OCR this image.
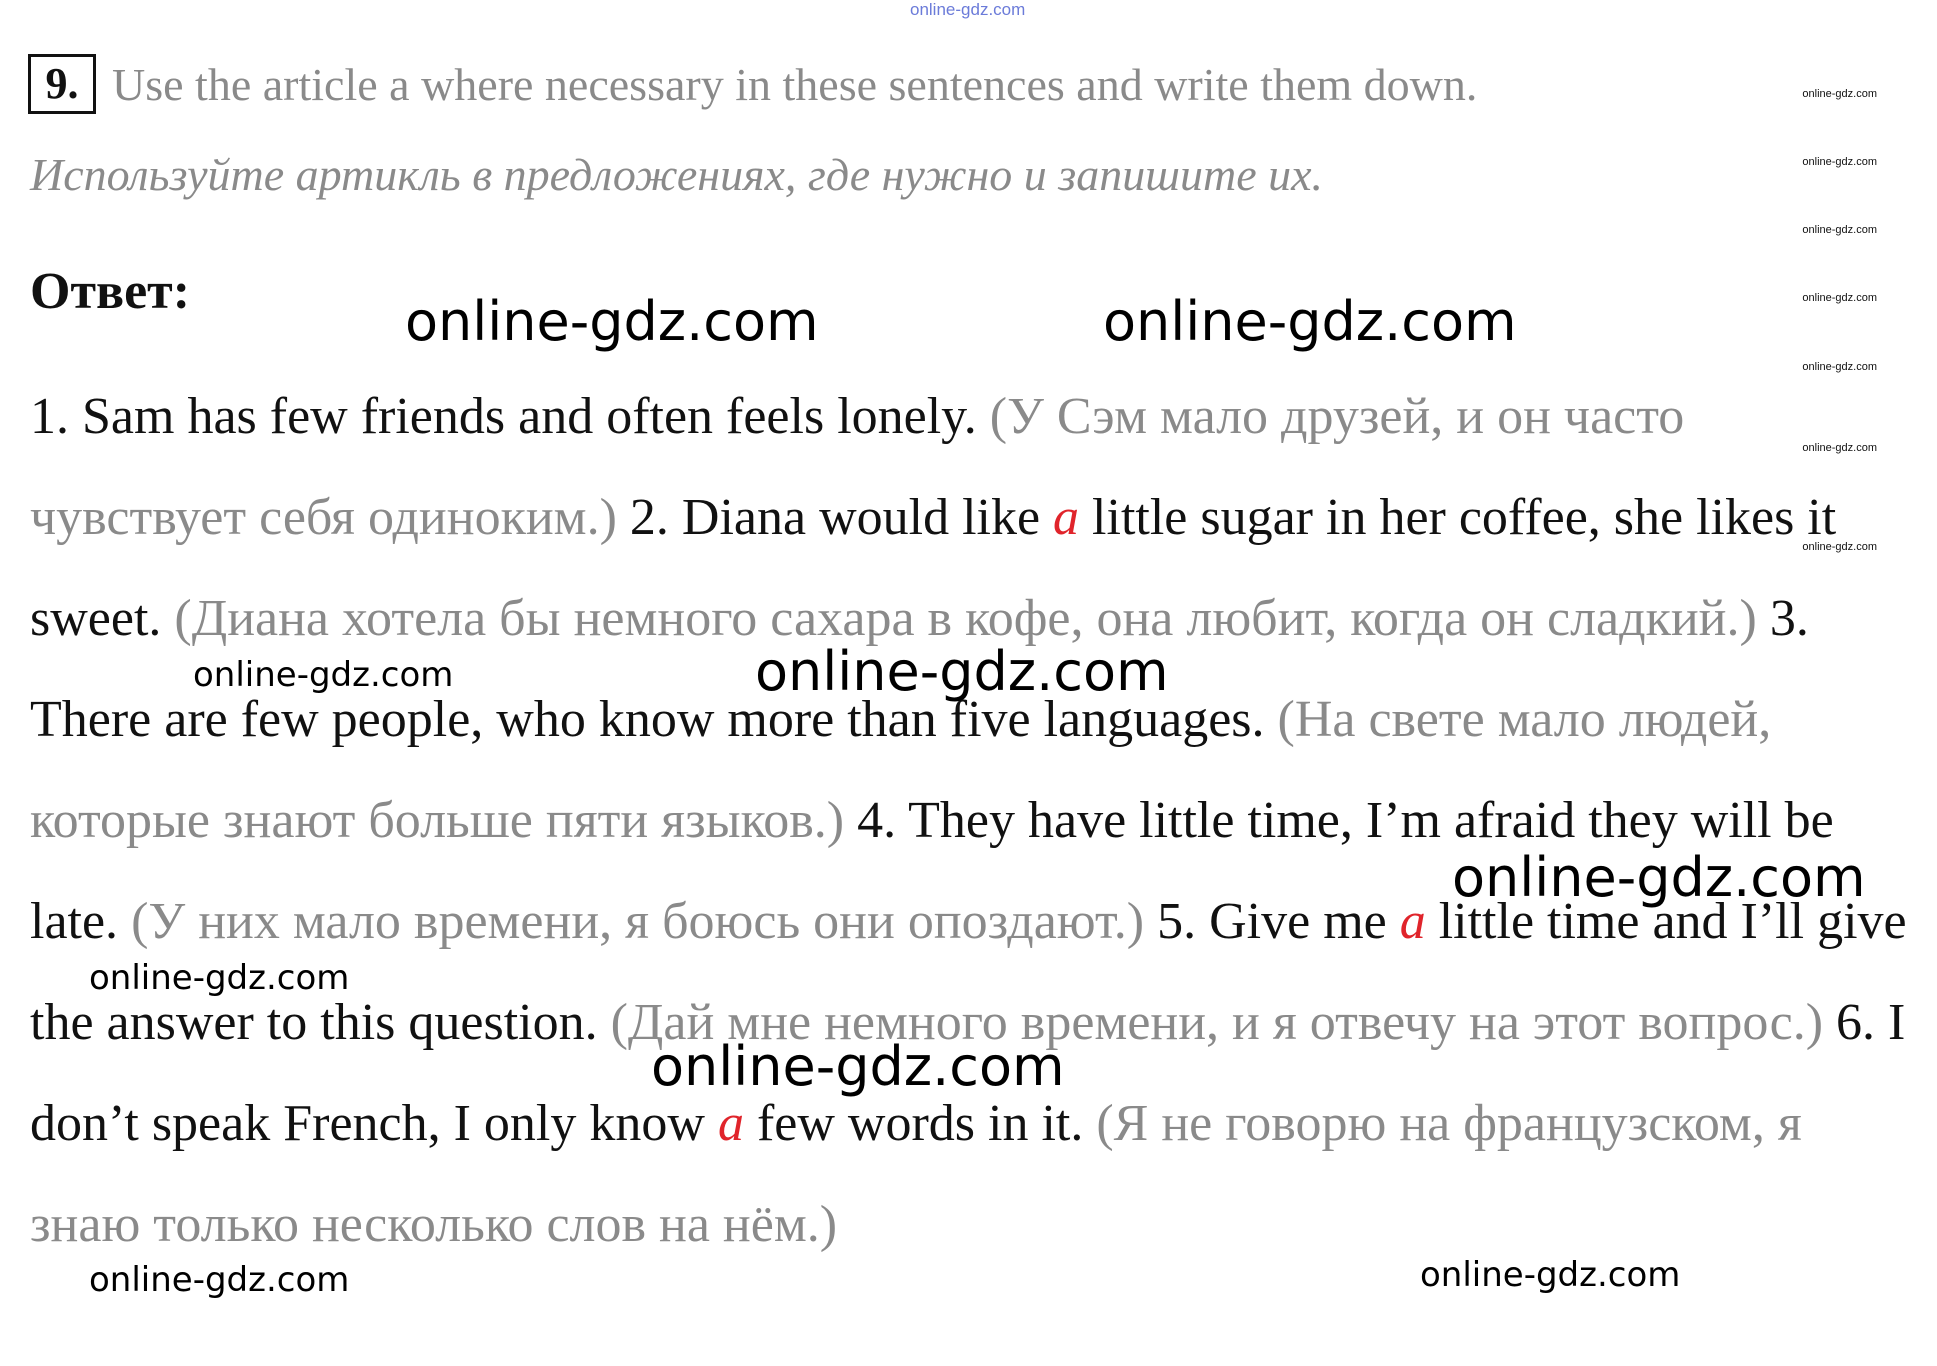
online-gdz.com
9. Use the article a where necessary in these sentences and write them down.
Используйте артикль в предложениях, где нужно и запишите их.
Ответ:
1. Sam has few friends and often feels lonely. (У Сэм мало друзей, и он часто чувствует себя одиноким.) 2. Diana would like a little sugar in her coffee, she likes it sweet. (Диана хотела бы немного сахара в кофе, она любит, когда он сладкий.) 3. There are few people, who know more than five languages. (На свете мало людей, которые знают больше пяти языков.) 4. They have little time, I’m afraid they will be late. (У них мало времени, я боюсь они опоздают.) 5. Give me a little time and I’ll give the answer to this question. (Дай мне немного времени, и я отвечу на этот вопрос.) 6. I don’t speak French, I only know a few words in it. (Я не говорю на французском, я знаю только несколько слов на нём.)
online-gdz.com	online-gdz.com
online-gdz.com
online-gdz.com
online-gdz.com
online-gdz.com
online-gdz.com
online-gdz.com	online-gdz.com
online-gdz.com
online-gdz.com
online-gdz.com
online-gdz.com
online-gdz.com
online-gdz.com
online-gdz.com
